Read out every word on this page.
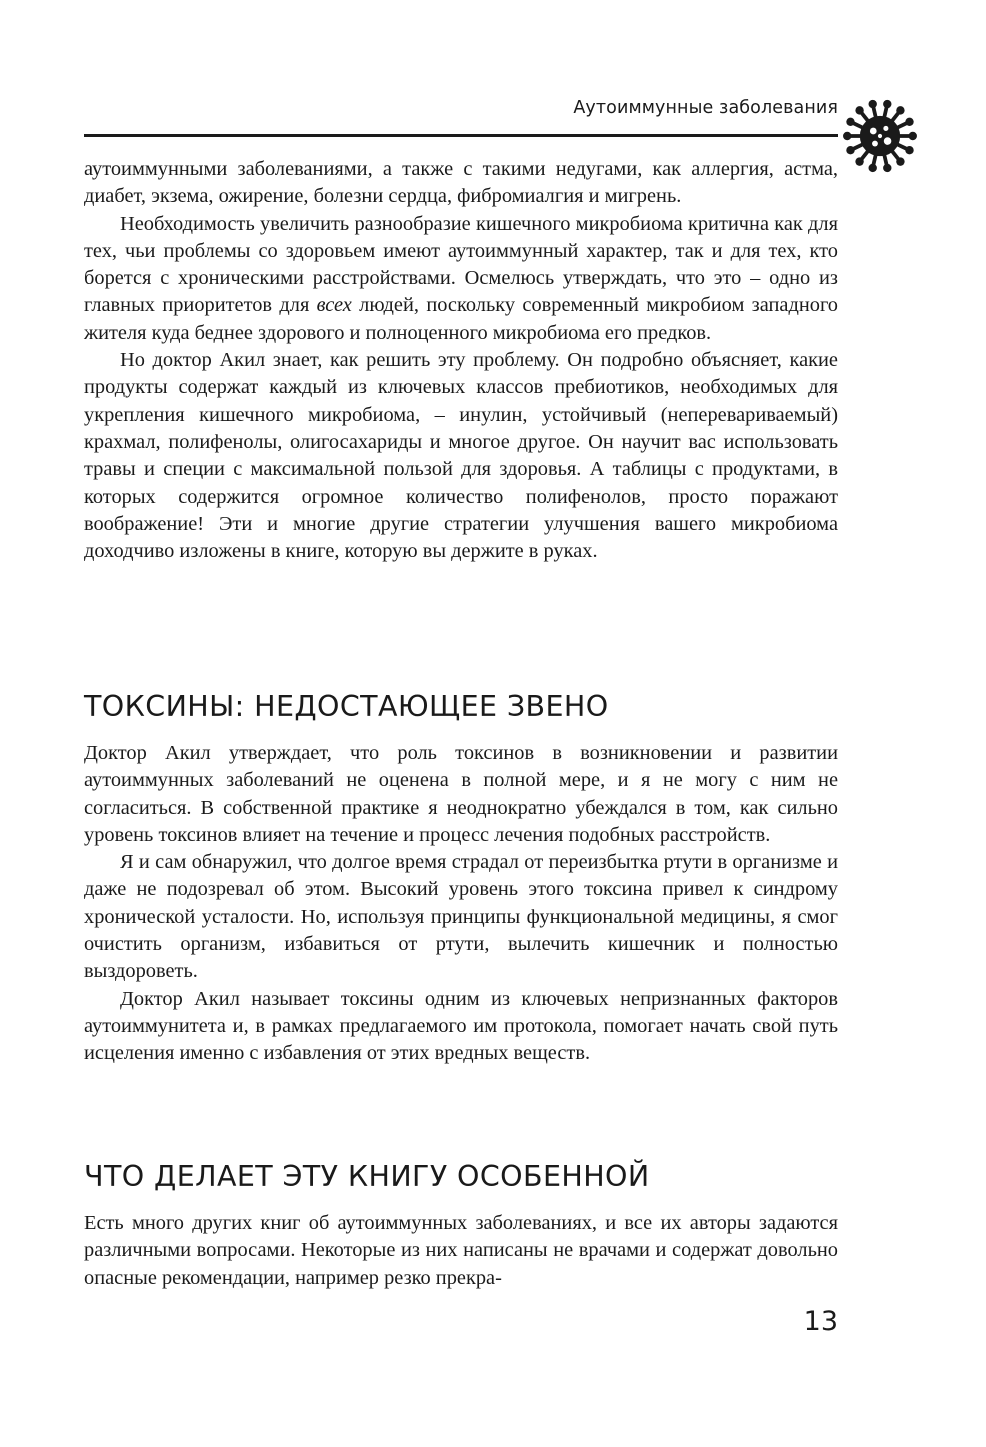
Аутоиммунные заболевания

аутоиммунными заболеваниями, а также с такими недугами, как аллергия, астма, диабет, экзема, ожирение, болезни сердца, фибромиалгия и мигрень.

Необходимость увеличить разнообразие кишечного микробиома критична как для тех, чьи проблемы со здоровьем имеют аутоиммунный характер, так и для тех, кто борется с хроническими расстройствами. Осмелюсь утверждать, что это – одно из главных приоритетов для всех людей, поскольку современный микробиом западного жителя куда беднее здорового и полноценного микробиома его предков.

Но доктор Акил знает, как решить эту проблему. Он подробно объясняет, какие продукты содержат каждый из ключевых классов пребиотиков, необходимых для укрепления кишечного микробиома, – инулин, устойчивый (неперевариваемый) крахмал, полифенолы, олигосахариды и многое другое. Он научит вас использовать травы и специи с максимальной пользой для здоровья. А таблицы с продуктами, в которых содержится огромное количество полифенолов, просто поражают воображение! Эти и многие другие стратегии улучшения вашего микробиома доходчиво изложены в книге, которую вы держите в руках.

ТОКСИНЫ: НЕДОСТАЮЩЕЕ ЗВЕНО

Доктор Акил утверждает, что роль токсинов в возникновении и развитии аутоиммунных заболеваний не оценена в полной мере, и я не могу с ним не согласиться. В собственной практике я неоднократно убеждался в том, как сильно уровень токсинов влияет на течение и процесс лечения подобных расстройств.

Я и сам обнаружил, что долгое время страдал от переизбытка ртути в организме и даже не подозревал об этом. Высокий уровень этого токсина привел к синдрому хронической усталости. Но, используя принципы функциональной медицины, я смог очистить организм, избавиться от ртути, вылечить кишечник и полностью выздороветь.

Доктор Акил называет токсины одним из ключевых непризнанных факторов аутоиммунитета и, в рамках предлагаемого им протокола, помогает начать свой путь исцеления именно с избавления от этих вредных веществ.

ЧТО ДЕЛАЕТ ЭТУ КНИГУ ОСОБЕННОЙ

Есть много других книг об аутоиммунных заболеваниях, и все их авторы задаются различными вопросами. Некоторые из них написаны не врачами и содержат довольно опасные рекомендации, например резко прекра-

13
